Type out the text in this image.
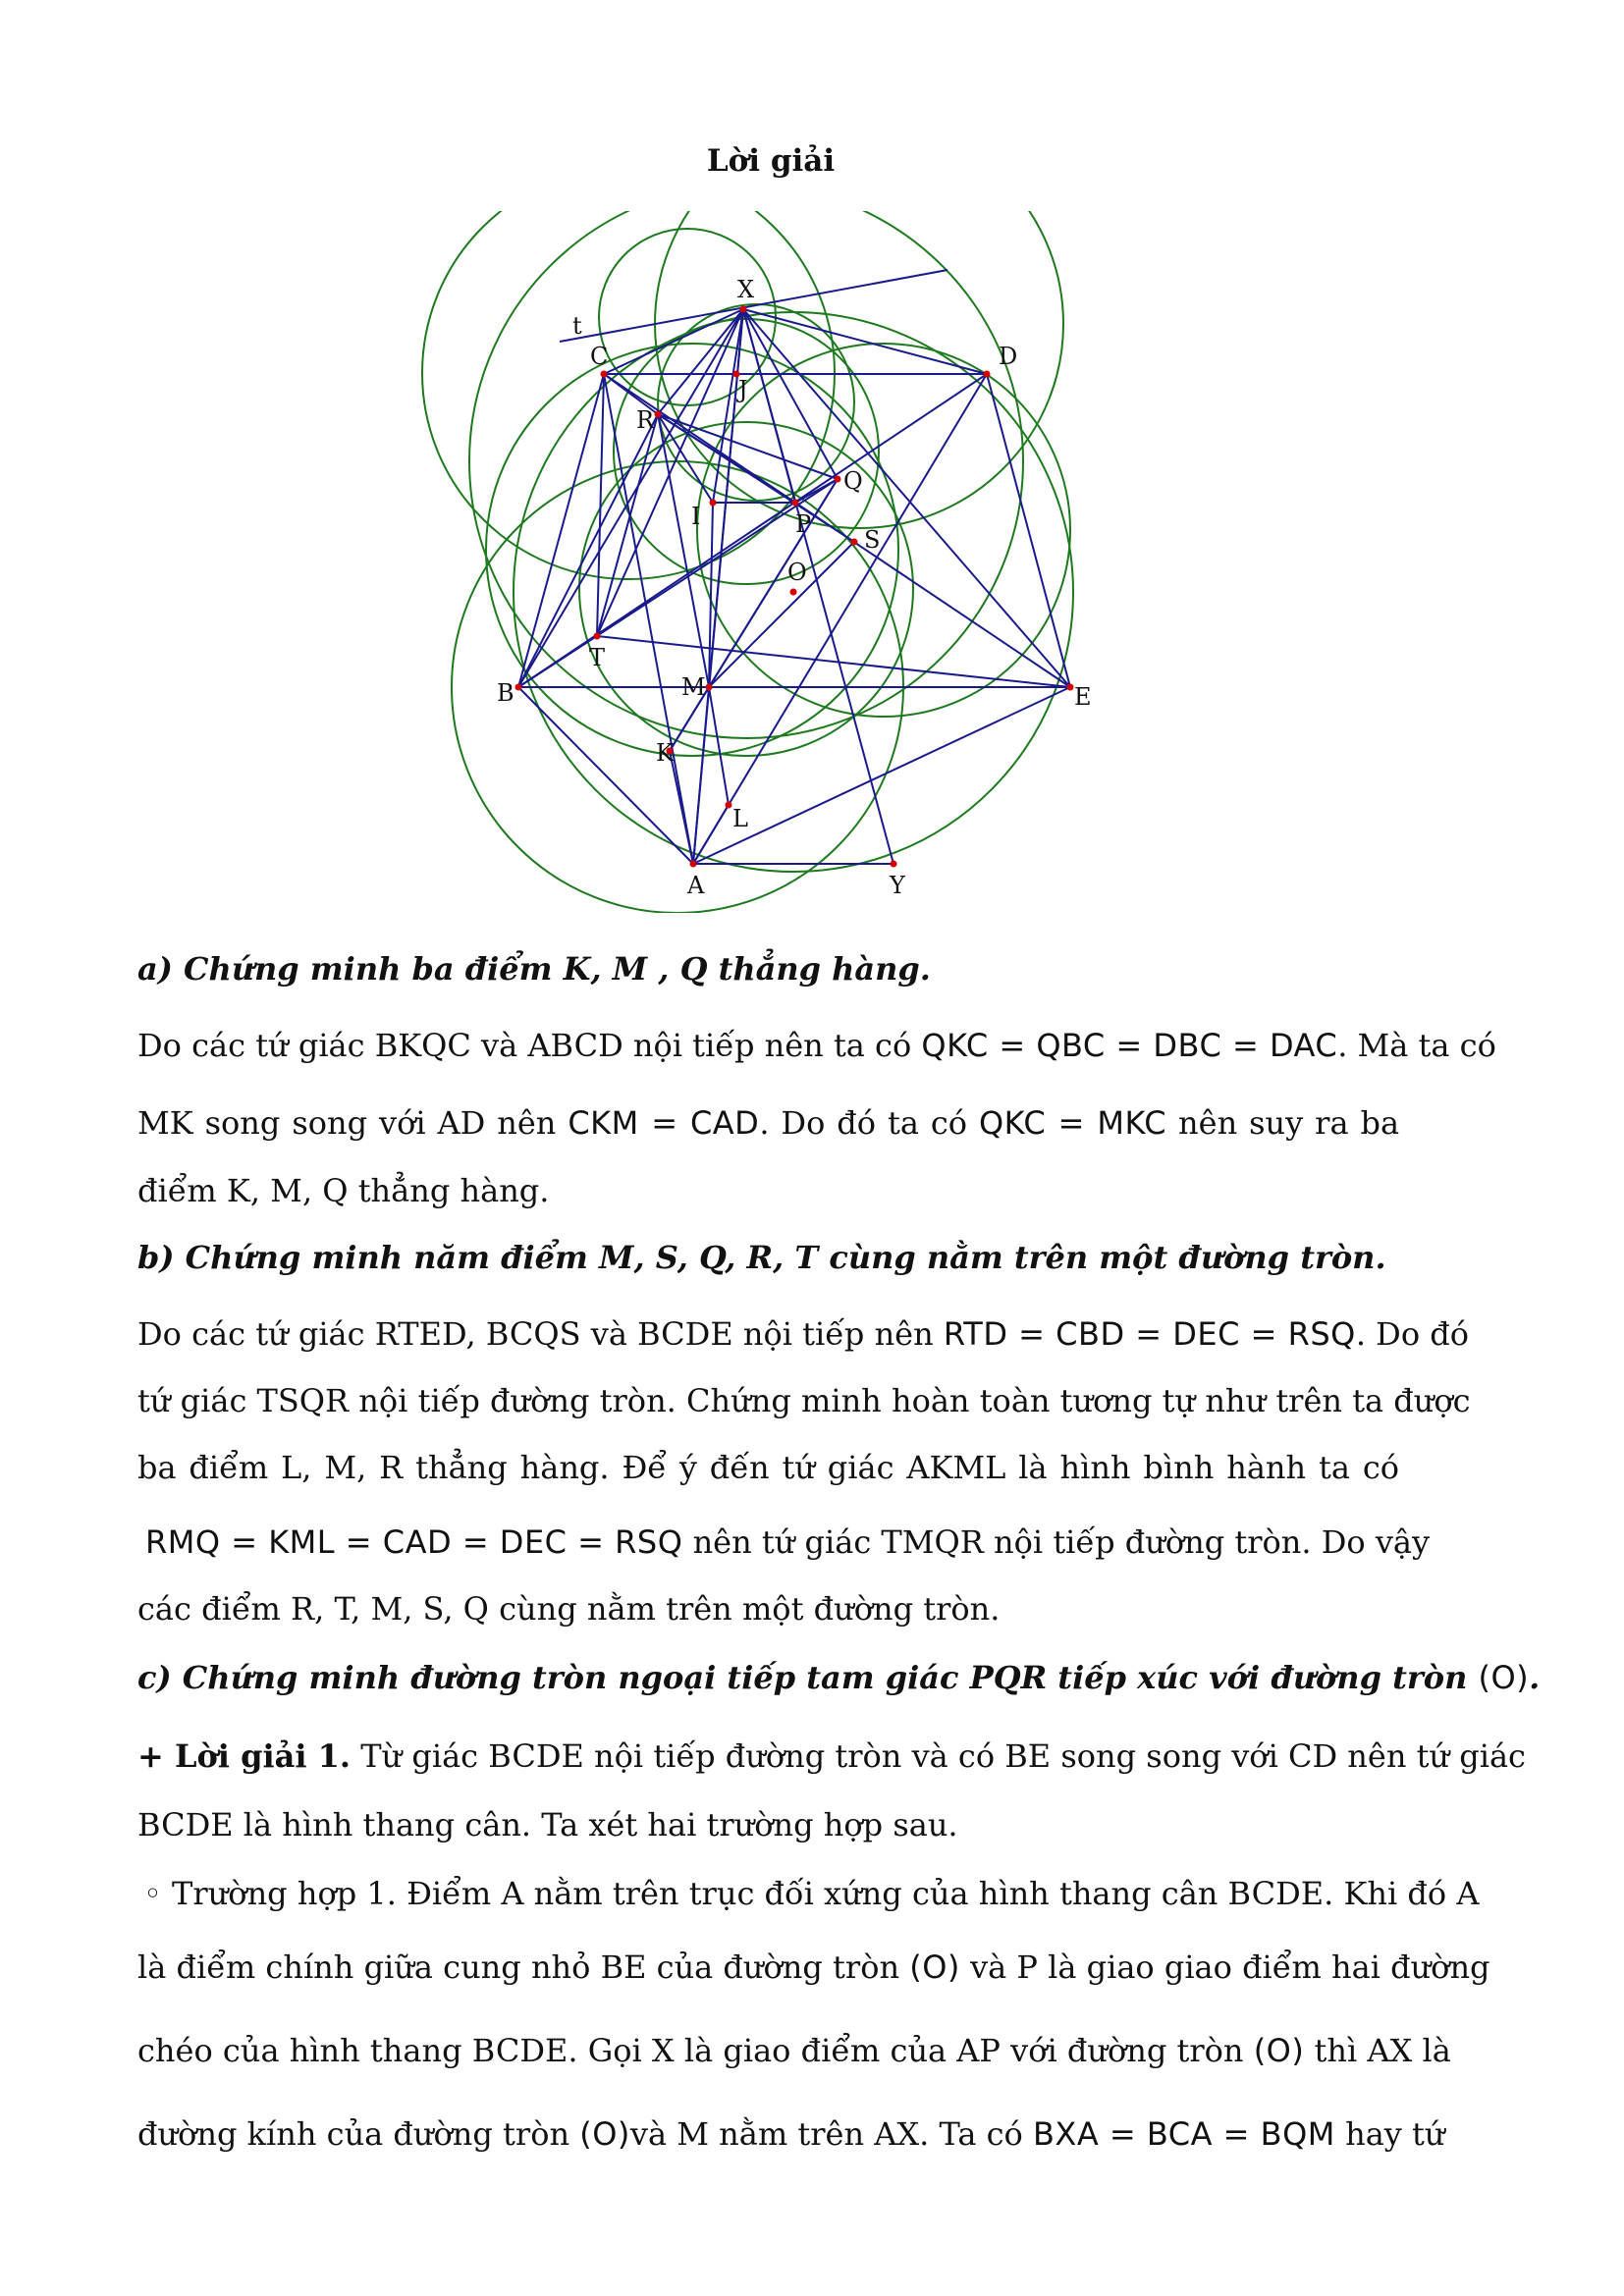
Lời giải
X
t
C	D
J
R
Q
I	P
S
O
T
B	M	E
K
L
A	Y
a) Chứng minh ba điểm K, M , Q thẳng hàng.
Do các tứ giác BKQC và ABCD nội tiếp nên ta có QKC = QBC = DBC = DAC. Mà ta có
MK song song với AD nên CKM = CAD. Do đó ta có QKC = MKC nên suy ra ba
điểm K, M, Q thẳng hàng.
b) Chứng minh năm điểm M, S, Q, R, T cùng nằm trên một đường tròn.
Do các tứ giác RTED, BCQS và BCDE nội tiếp nên RTD = CBD = DEC = RSQ. Do đó
tứ giác TSQR nội tiếp đường tròn. Chứng minh hoàn toàn tương tự như trên ta được
ba điểm L, M, R thẳng hàng. Để ý đến tứ giác AKML là hình bình hành ta có
RMQ = KML = CAD = DEC = RSQ nên tứ giác TMQR nội tiếp đường tròn. Do vậy
các điểm R, T, M, S, Q cùng nằm trên một đường tròn.
c) Chứng minh đường tròn ngoại tiếp tam giác PQR tiếp xúc với đường tròn (O).
+ Lời giải 1. Từ giác BCDE nội tiếp đường tròn và có BE song song với CD nên tứ giác
BCDE là hình thang cân. Ta xét hai trường hợp sau.
◦ Trường hợp 1. Điểm A nằm trên trục đối xứng của hình thang cân BCDE. Khi đó A
là điểm chính giữa cung nhỏ BE của đường tròn (O) và P là giao giao điểm hai đường
chéo của hình thang BCDE. Gọi X là giao điểm của AP với đường tròn (O) thì AX là
đường kính của đường tròn (O)và M nằm trên AX. Ta có BXA = BCA = BQM hay tứ
